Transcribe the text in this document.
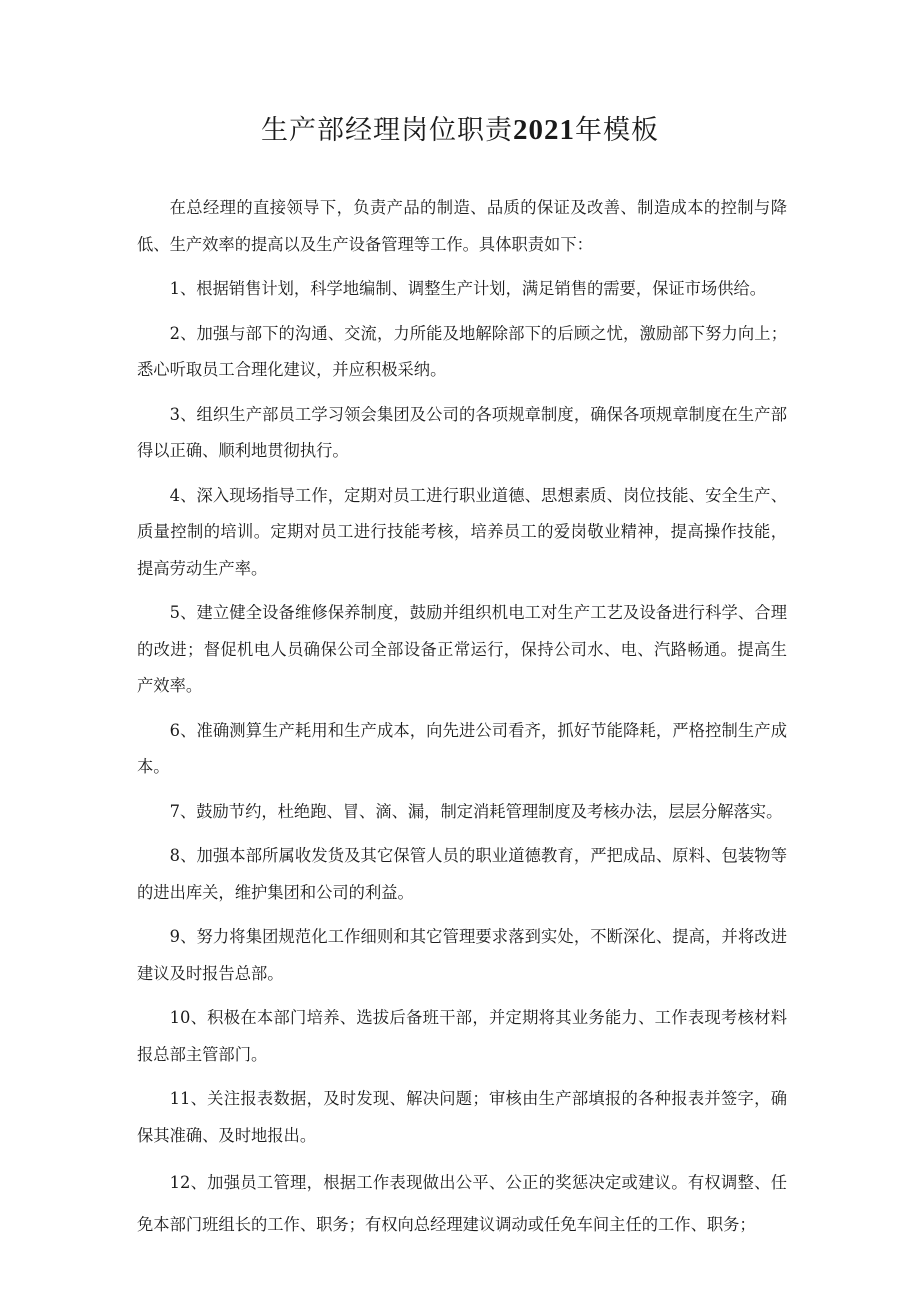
生产部经理岗位职责2021年模板

在总经理的直接领导下，负责产品的制造、品质的保证及改善、制造成本的控制与降低、生产效率的提高以及生产设备管理等工作。具体职责如下：

1、根据销售计划，科学地编制、调整生产计划，满足销售的需要，保证市场供给。

2、加强与部下的沟通、交流，力所能及地解除部下的后顾之忧，激励部下努力向上；悉心听取员工合理化建议，并应积极采纳。

3、组织生产部员工学习领会集团及公司的各项规章制度，确保各项规章制度在生产部得以正确、顺利地贯彻执行。

4、深入现场指导工作，定期对员工进行职业道德、思想素质、岗位技能、安全生产、质量控制的培训。定期对员工进行技能考核，培养员工的爱岗敬业精神，提高操作技能，提高劳动生产率。

5、建立健全设备维修保养制度，鼓励并组织机电工对生产工艺及设备进行科学、合理的改进；督促机电人员确保公司全部设备正常运行，保持公司水、电、汽路畅通。提高生产效率。

6、准确测算生产耗用和生产成本，向先进公司看齐，抓好节能降耗，严格控制生产成本。

7、鼓励节约，杜绝跑、冒、滴、漏，制定消耗管理制度及考核办法，层层分解落实。

8、加强本部所属收发货及其它保管人员的职业道德教育，严把成品、原料、包装物等的进出库关，维护集团和公司的利益。

9、努力将集团规范化工作细则和其它管理要求落到实处，不断深化、提高，并将改进建议及时报告总部。

10、积极在本部门培养、选拔后备班干部，并定期将其业务能力、工作表现考核材料报总部主管部门。

11、关注报表数据，及时发现、解决问题；审核由生产部填报的各种报表并签字，确保其准确、及时地报出。

12、加强员工管理，根据工作表现做出公平、公正的奖惩决定或建议。有权调整、任免本部门班组长的工作、职务；有权向总经理建议调动或任免车间主任的工作、职务；
